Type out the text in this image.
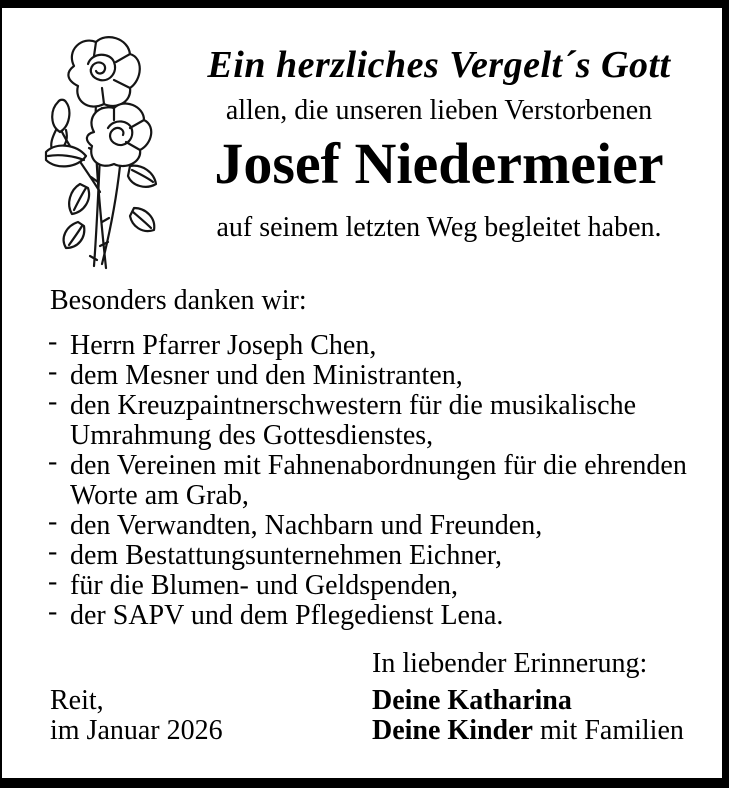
Ein herzliches Vergelt´s Gott
allen, die unseren lieben Verstorbenen
Josef Niedermeier
auf seinem letzten Weg begleitet haben.
Besonders danken wir:
- Herrn Pfarrer Joseph Chen,
- dem Mesner und den Ministranten,
- den Kreuzpaintnerschwestern für die musikalische Umrahmung des Gottesdienstes,
- den Vereinen mit Fahnenabordnungen für die ehrenden Worte am Grab,
- den Verwandten, Nachbarn und Freunden,
- dem Bestattungsunternehmen Eichner,
- für die Blumen- und Geldspenden,
- der SAPV und dem Pflegedienst Lena.
In liebender Erinnerung:
Reit,	Deine Katharina
im Januar 2026	Deine Kinder mit Familien
